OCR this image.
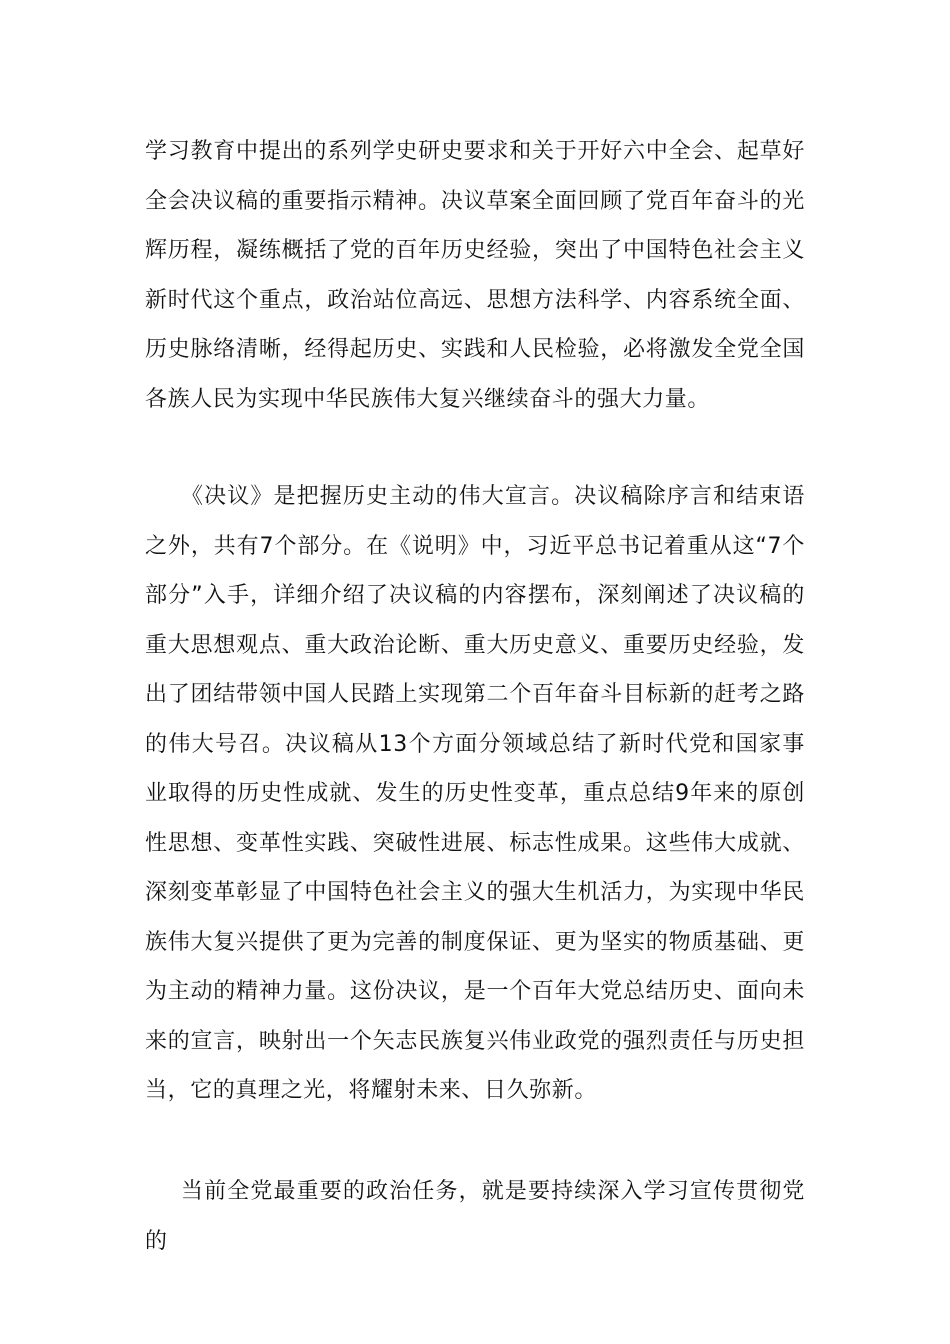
学习教育中提出的系列学史研史要求和关于开好六中全会、起草好全会决议稿的重要指示精神。决议草案全面回顾了党百年奋斗的光辉历程，凝练概括了党的百年历史经验，突出了中国特色社会主义新时代这个重点，政治站位高远、思想方法科学、内容系统全面、历史脉络清晰，经得起历史、实践和人民检验，必将激发全党全国各族人民为实现中华民族伟大复兴继续奋斗的强大力量。

《决议》是把握历史主动的伟大宣言。决议稿除序言和结束语之外，共有7个部分。在《说明》中，习近平总书记着重从这“7个部分”入手，详细介绍了决议稿的内容摆布，深刻阐述了决议稿的重大思想观点、重大政治论断、重大历史意义、重要历史经验，发出了团结带领中国人民踏上实现第二个百年奋斗目标新的赶考之路的伟大号召。决议稿从13个方面分领域总结了新时代党和国家事业取得的历史性成就、发生的历史性变革，重点总结9年来的原创性思想、变革性实践、突破性进展、标志性成果。这些伟大成就、深刻变革彰显了中国特色社会主义的强大生机活力，为实现中华民族伟大复兴提供了更为完善的制度保证、更为坚实的物质基础、更为主动的精神力量。这份决议，是一个百年大党总结历史、面向未来的宣言，映射出一个矢志民族复兴伟业政党的强烈责任与历史担当，它的真理之光，将耀射未来、日久弥新。

当前全党最重要的政治任务，就是要持续深入学习宣传贯彻党的
